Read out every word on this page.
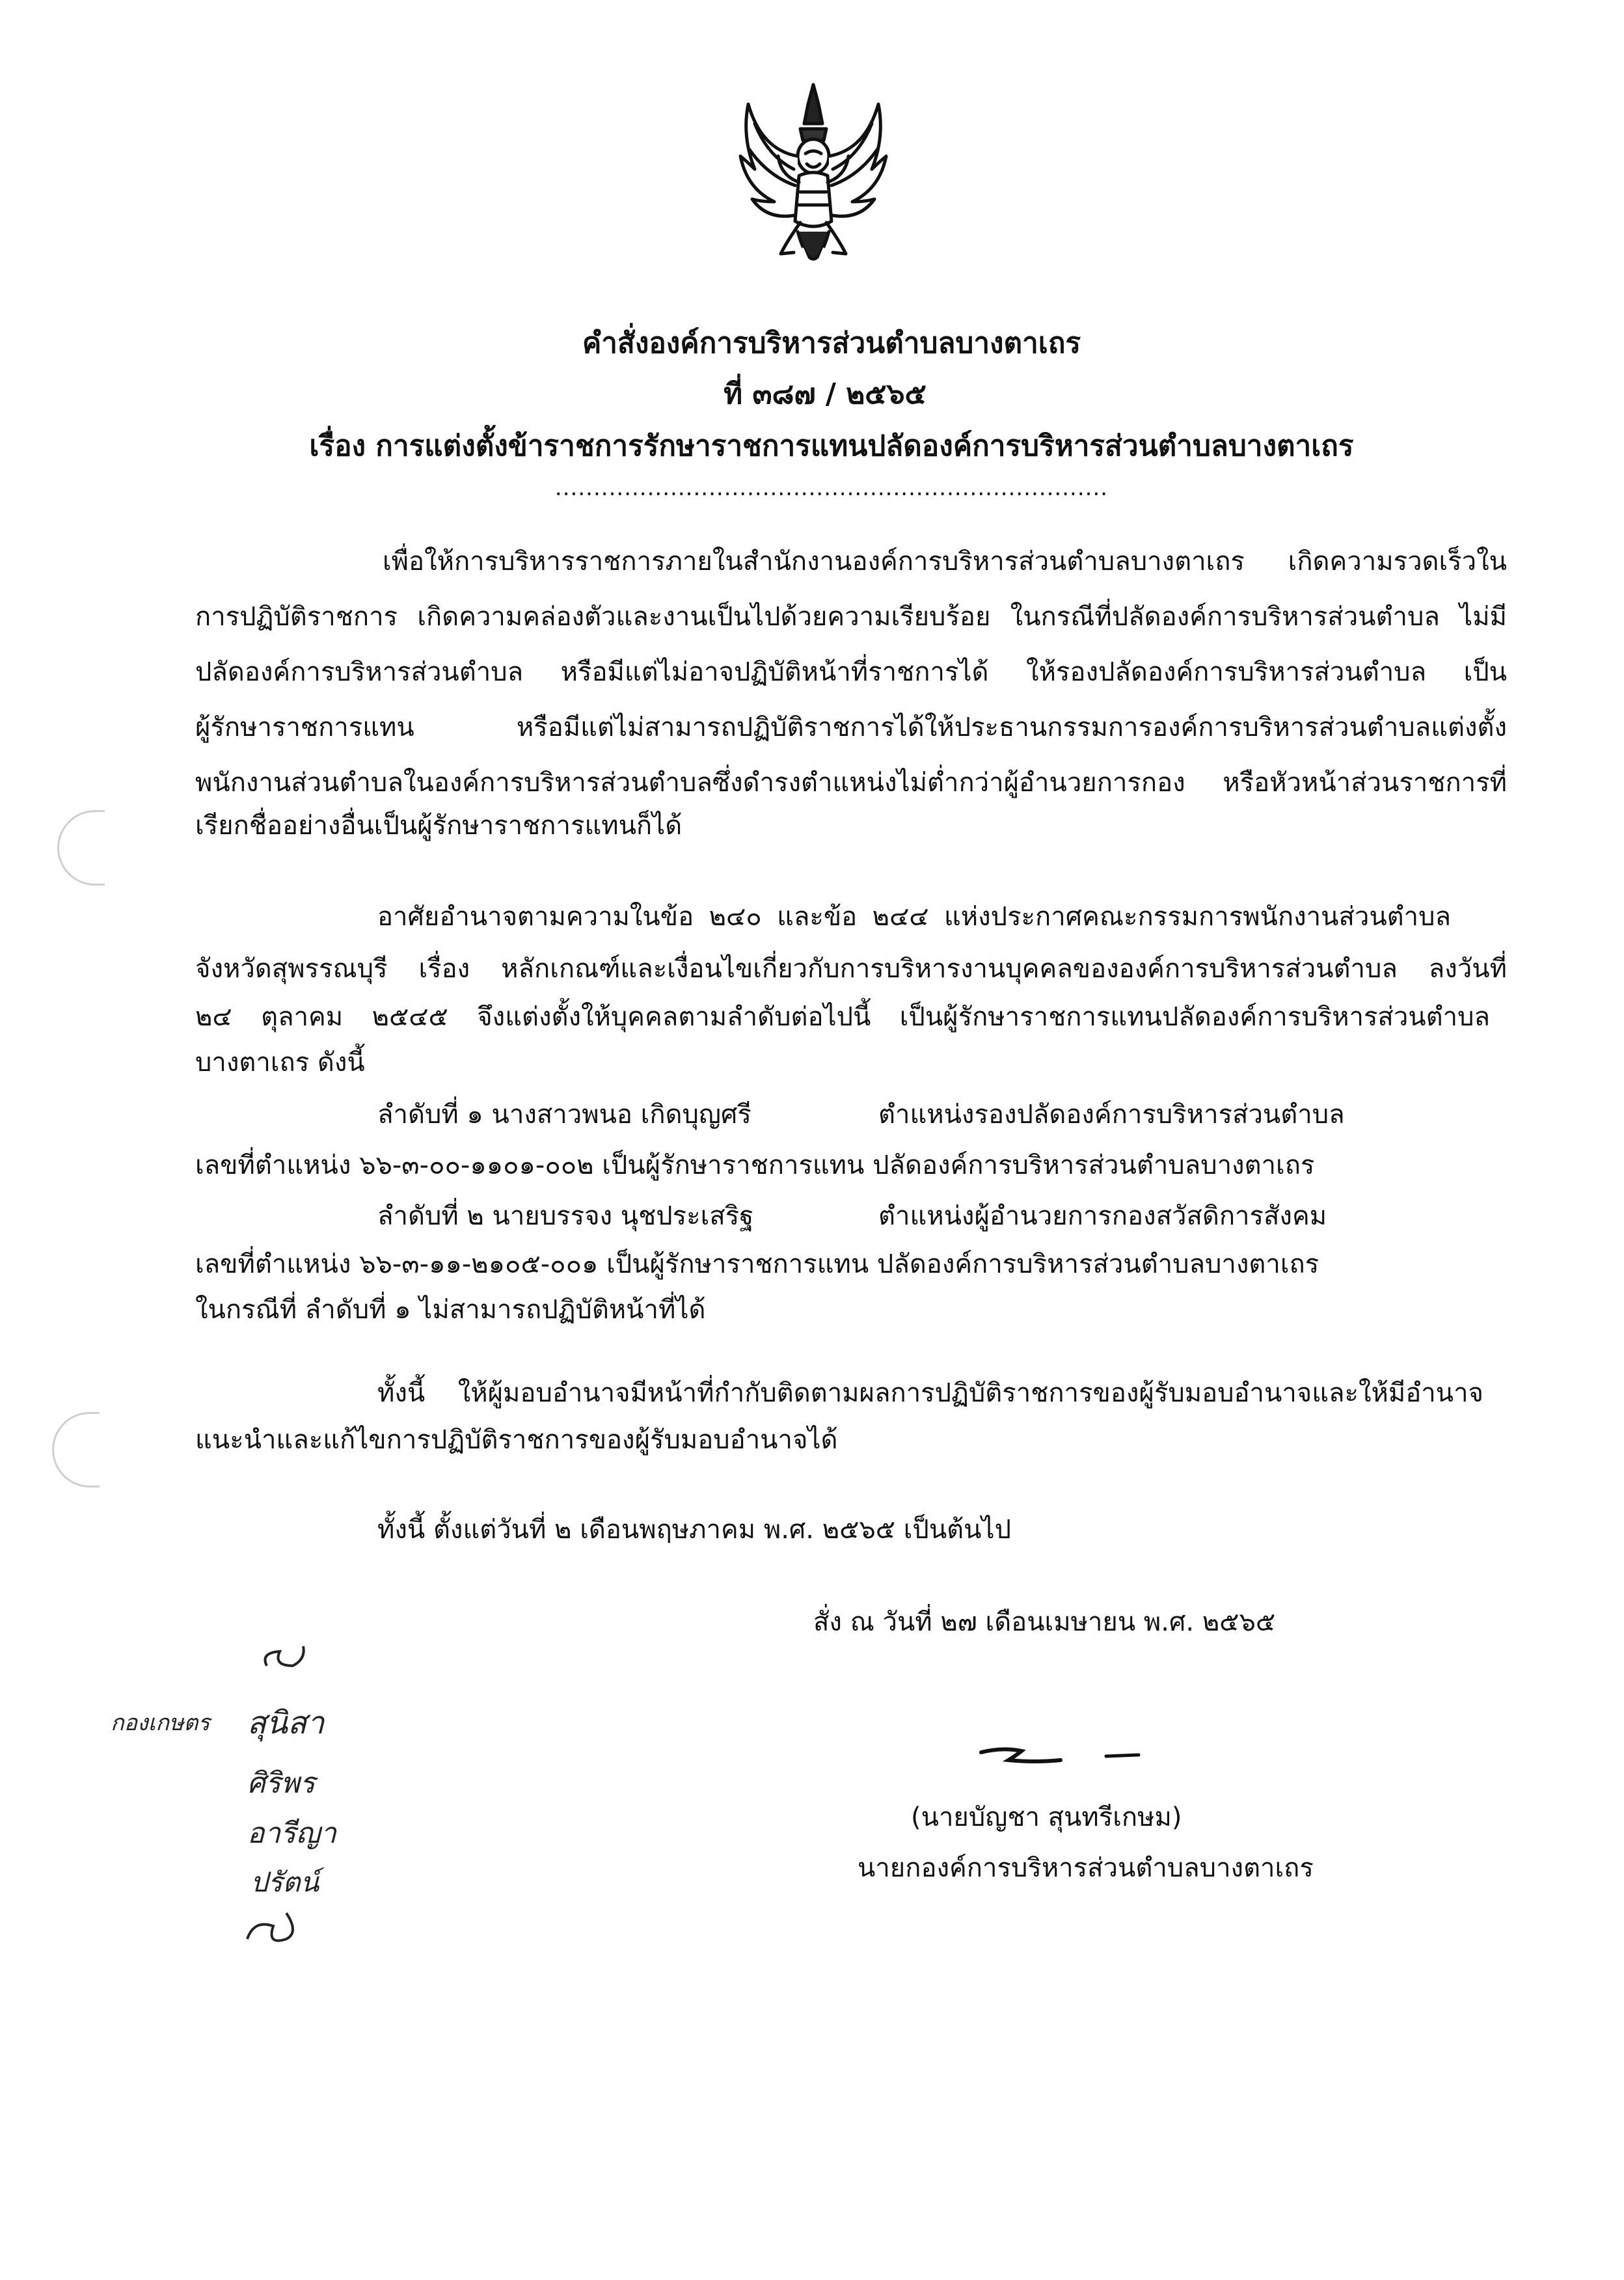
คำสั่งองค์การบริหารส่วนตำบลบางตาเถร
ที่ ๓๘๗ / ๒๕๖๕
เรื่อง การแต่งตั้งข้าราชการรักษาราชการแทนปลัดองค์การบริหารส่วนตำบลบางตาเถร
........................................................................
เพื่อให้การบริหารราชการภายในสำนักงานองค์การบริหารส่วนตำบลบางตาเถร เกิดความรวดเร็วใน
การปฏิบัติราชการ เกิดความคล่องตัวและงานเป็นไปด้วยความเรียบร้อย ในกรณีที่ปลัดองค์การบริหารส่วนตำบล ไม่มี
ปลัดองค์การบริหารส่วนตำบล หรือมีแต่ไม่อาจปฏิบัติหน้าที่ราชการได้ ให้รองปลัดองค์การบริหารส่วนตำบล เป็น
ผู้รักษาราชการแทน หรือมีแต่ไม่สามารถปฏิบัติราชการได้ให้ประธานกรรมการองค์การบริหารส่วนตำบลแต่งตั้ง
พนักงานส่วนตำบลในองค์การบริหารส่วนตำบลซึ่งดำรงตำแหน่งไม่ต่ำกว่าผู้อำนวยการกอง หรือหัวหน้าส่วนราชการที่
เรียกชื่ออย่างอื่นเป็นผู้รักษาราชการแทนก็ได้
อาศัยอำนาจตามความในข้อ ๒๔๐ และข้อ ๒๔๔ แห่งประกาศคณะกรรมการพนักงานส่วนตำบล
จังหวัดสุพรรณบุรี เรื่อง หลักเกณฑ์และเงื่อนไขเกี่ยวกับการบริหารงานบุคคลขององค์การบริหารส่วนตำบล ลงวันที่
๒๔ ตุลาคม ๒๕๔๕ จึงแต่งตั้งให้บุคคลตามลำดับต่อไปนี้ เป็นผู้รักษาราชการแทนปลัดองค์การบริหารส่วนตำบล
บางตาเถร ดังนี้
ลำดับที่ ๑ นางสาวพนอ เกิดบุญศรี	ตำแหน่งรองปลัดองค์การบริหารส่วนตำบล
เลขที่ตำแหน่ง ๖๖-๓-๐๐-๑๑๐๑-๐๐๒ เป็นผู้รักษาราชการแทน ปลัดองค์การบริหารส่วนตำบลบางตาเถร
ลำดับที่ ๒ นายบรรจง นุชประเสริฐ	ตำแหน่งผู้อำนวยการกองสวัสดิการสังคม
เลขที่ตำแหน่ง ๖๖-๓-๑๑-๒๑๐๕-๐๐๑ เป็นผู้รักษาราชการแทน ปลัดองค์การบริหารส่วนตำบลบางตาเถร
ในกรณีที่ ลำดับที่ ๑ ไม่สามารถปฏิบัติหน้าที่ได้
ทั้งนี้ ให้ผู้มอบอำนาจมีหน้าที่กำกับติดตามผลการปฏิบัติราชการของผู้รับมอบอำนาจและให้มีอำนาจ
แนะนำและแก้ไขการปฏิบัติราชการของผู้รับมอบอำนาจได้
ทั้งนี้ ตั้งแต่วันที่ ๒ เดือนพฤษภาคม พ.ศ. ๒๕๖๕ เป็นต้นไป
สั่ง ณ วันที่ ๒๗ เดือนเมษายน พ.ศ. ๒๕๖๕
(นายบัญชา สุนทรีเกษม)
นายกองค์การบริหารส่วนตำบลบางตาเถร
กองเกษตร สุนิสา
ศิริพร
อารีญา
ปรัตน์
